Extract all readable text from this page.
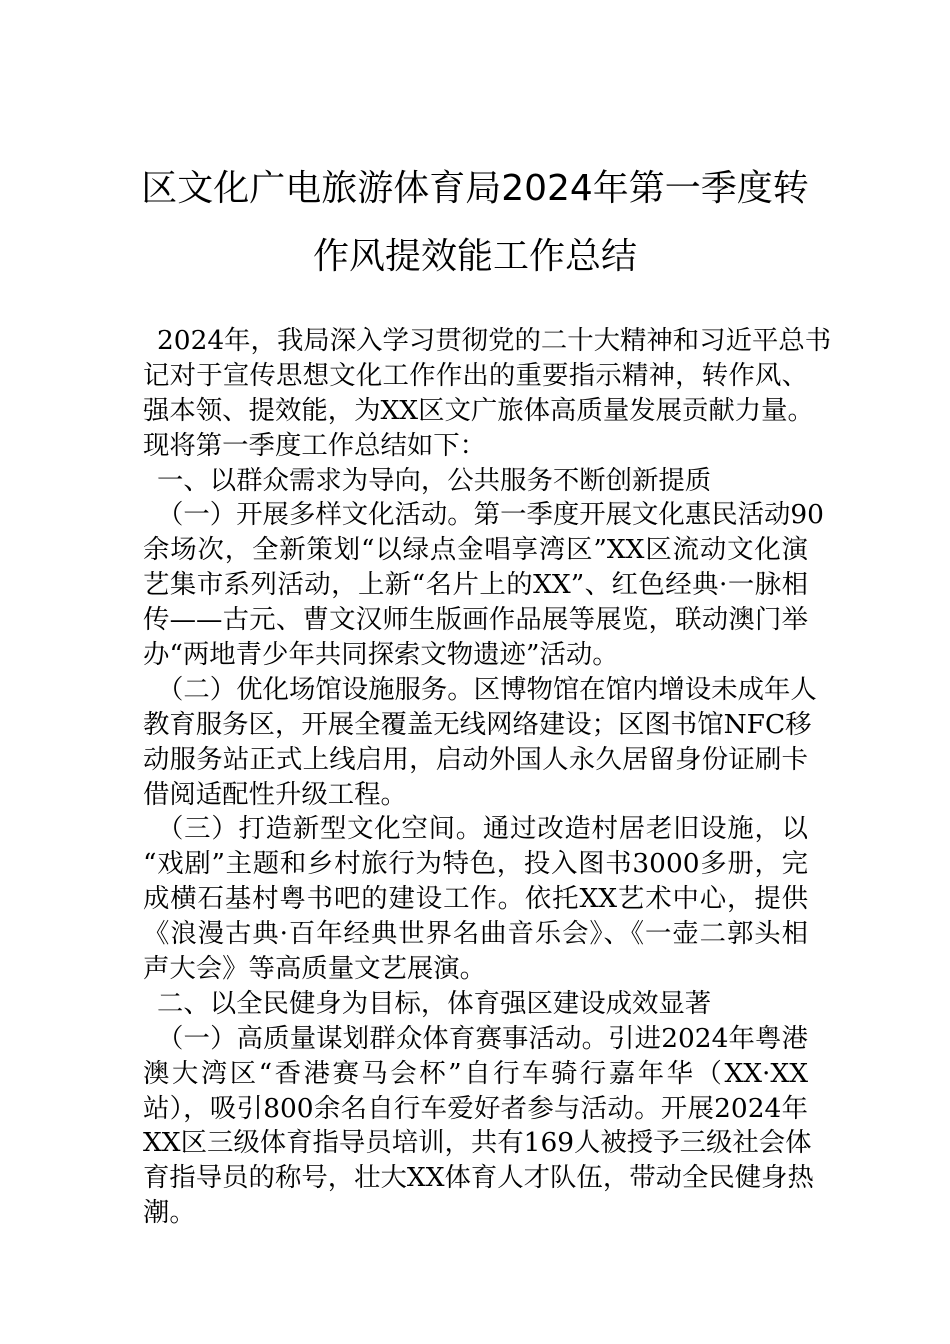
区文化广电旅游体育局2024年第一季度转
作风提效能工作总结
2024年，我局深入学习贯彻党的二十大精神和习近平总书
记对于宣传思想文化工作作出的重要指示精神，转作风、
强本领、提效能，为XX区文广旅体高质量发展贡献力量。
现将第一季度工作总结如下：
一、以群众需求为导向，公共服务不断创新提质
（一）开展多样文化活动。第一季度开展文化惠民活动90
余场次，全新策划“以绿点金唱享湾区”XX区流动文化演
艺集市系列活动，上新“名片上的XX”、红色经典·一脉相
传——古元、曹文汉师生版画作品展等展览，联动澳门举
办“两地青少年共同探索文物遗迹”活动。
（二）优化场馆设施服务。区博物馆在馆内增设未成年人
教育服务区，开展全覆盖无线网络建设；区图书馆NFC移
动服务站正式上线启用，启动外国人永久居留身份证刷卡
借阅适配性升级工程。
（三）打造新型文化空间。通过改造村居老旧设施，以
“戏剧”主题和乡村旅行为特色，投入图书3000多册，完
成横石基村粤书吧的建设工作。依托XX艺术中心，提供
《浪漫古典·百年经典世界名曲音乐会》、《一壶二郭头相
声大会》等高质量文艺展演。
二、以全民健身为目标，体育强区建设成效显著
（一）高质量谋划群众体育赛事活动。引进2024年粤港
澳大湾区“香港赛马会杯”自行车骑行嘉年华（XX·XX
站），吸引800余名自行车爱好者参与活动。开展2024年
XX区三级体育指导员培训，共有169人被授予三级社会体
育指导员的称号，壮大XX体育人才队伍，带动全民健身热
潮。
